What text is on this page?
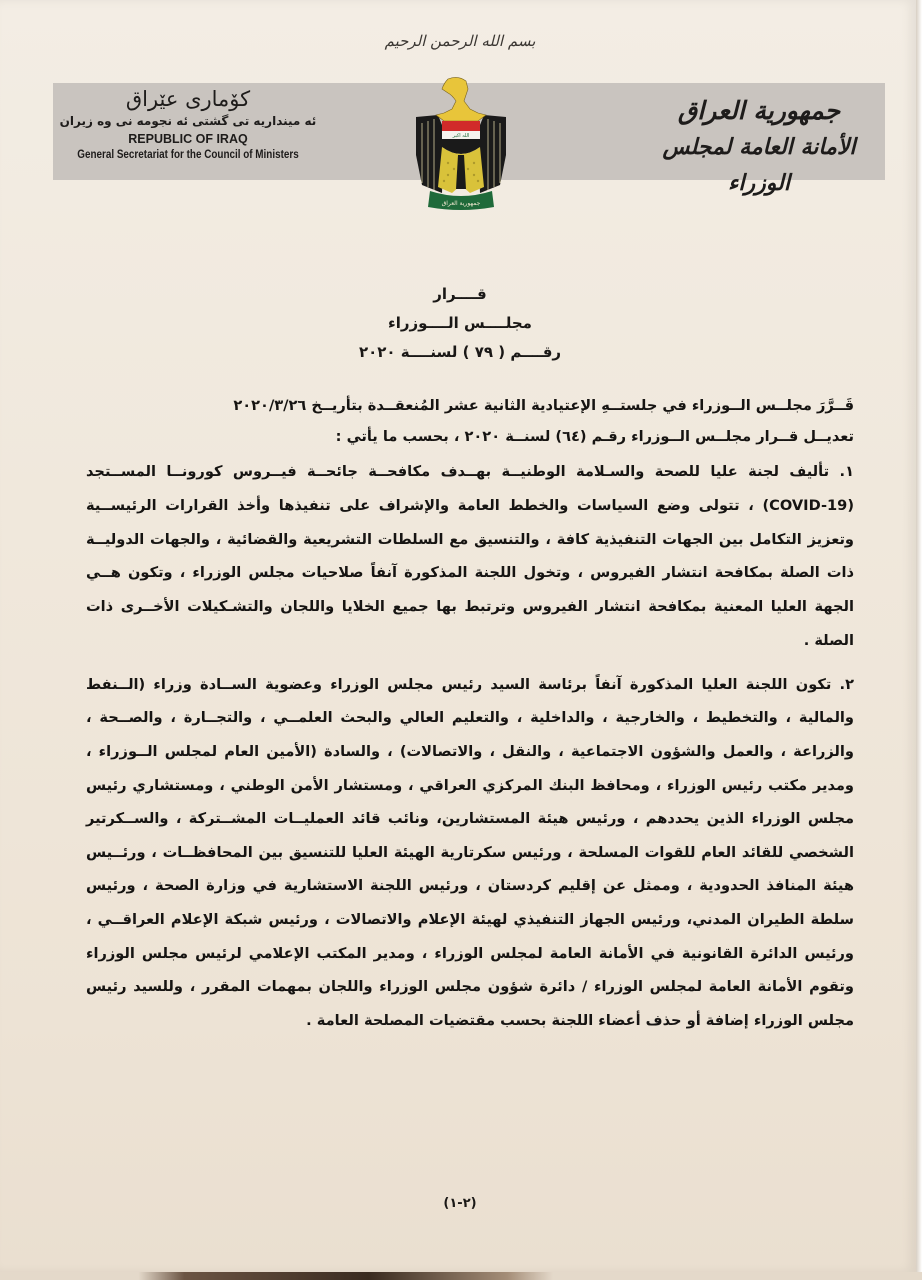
بسم الله الرحمن الرحيم
كۆماری عێراق
ئه مینداریه تی گشتی ئه نجومه نی وه زیران
REPUBLIC OF IRAQ
General Secretariat for the Council of Ministers
جمهورية العراق
الأمانة العامة لمجلس الوزراء
الله اكبر
جمهورية العراق
قــــرار
مجلــــس الــــوزراء
رقــــم ( ٧٩ ) لسنــــة ٢٠٢٠

قَــرَّرَ مجلــس الــوزراء في جلستــهِ الإعتيادية الثانية عشر المُنعقــدة بتأريــخ ٢٠٢٠/٣/٢٦

تعديــل قــرار مجلــس الــوزراء رقـم (٦٤) لسنــة ٢٠٢٠ ، بحسب ما يأتي :

١. تأليف لجنة عليا للصحة والسـلامة الوطنيــة بهــدف مكافحــة جائحــة فيــروس كورونــا المســتجد (COVID-19) ، تتولى وضع السياسات والخطط العامة والإشراف على تنفيذها وأخذ القرارات الرئيســية وتعزيز التكامل بين الجهات التنفيذية كافة ، والتنسيق مع السلطات التشريعية والقضائية ، والجهات الدوليــة ذات الصلة بمكافحة انتشار الفيروس ، وتخول اللجنة المذكورة آنفاً صلاحيات مجلس الوزراء ، وتكون هــي الجهة العليا المعنية بمكافحة انتشار الفيروس وترتبط بها جميع الخلايا واللجان والتشـكيلات الأخــرى ذات الصلة .

٢. تكون اللجنة العليا المذكورة آنفاً برئاسة السيد رئيس مجلس الوزراء وعضوية الســادة وزراء (الــنفط والمالية ، والتخطيط ، والخارجية ، والداخلية ، والتعليم العالي والبحث العلمــي ، والتجــارة ، والصــحة ، والزراعة ، والعمل والشؤون الاجتماعية ، والنقل ، والاتصالات) ، والسادة (الأمين العام لمجلس الــوزراء ، ومدير مكتب رئيس الوزراء ، ومحافظ البنك المركزي العراقي ، ومستشار الأمن الوطني ، ومستشاري رئيس مجلس الوزراء الذين يحددهم ، ورئيس هيئة المستشارين، ونائب قائد العمليــات المشــتركة ، والســكرتير الشخصي للقائد العام للقوات المسلحة ، ورئيس سكرتارية الهيئة العليا للتنسيق بين المحافظــات ، ورئــيس هيئة المنافذ الحدودية ، وممثل عن إقليم كردستان ، ورئيس اللجنة الاستشارية في وزارة الصحة ، ورئيس سلطة الطيران المدني، ورئيس الجهاز التنفيذي لهيئة الإعلام والاتصالات ، ورئيس شبكة الإعلام العراقــي ، ورئيس الدائرة القانونية في الأمانة العامة لمجلس الوزراء ، ومدير المكتب الإعلامي لرئيس مجلس الوزراء وتقوم الأمانة العامة لمجلس الوزراء / دائرة شؤون مجلس الوزراء واللجان بمهمات المقرر ، وللسيد رئيس مجلس الوزراء إضافة أو حذف أعضاء اللجنة بحسب مقتضيات المصلحة العامة .

(٢-١)
